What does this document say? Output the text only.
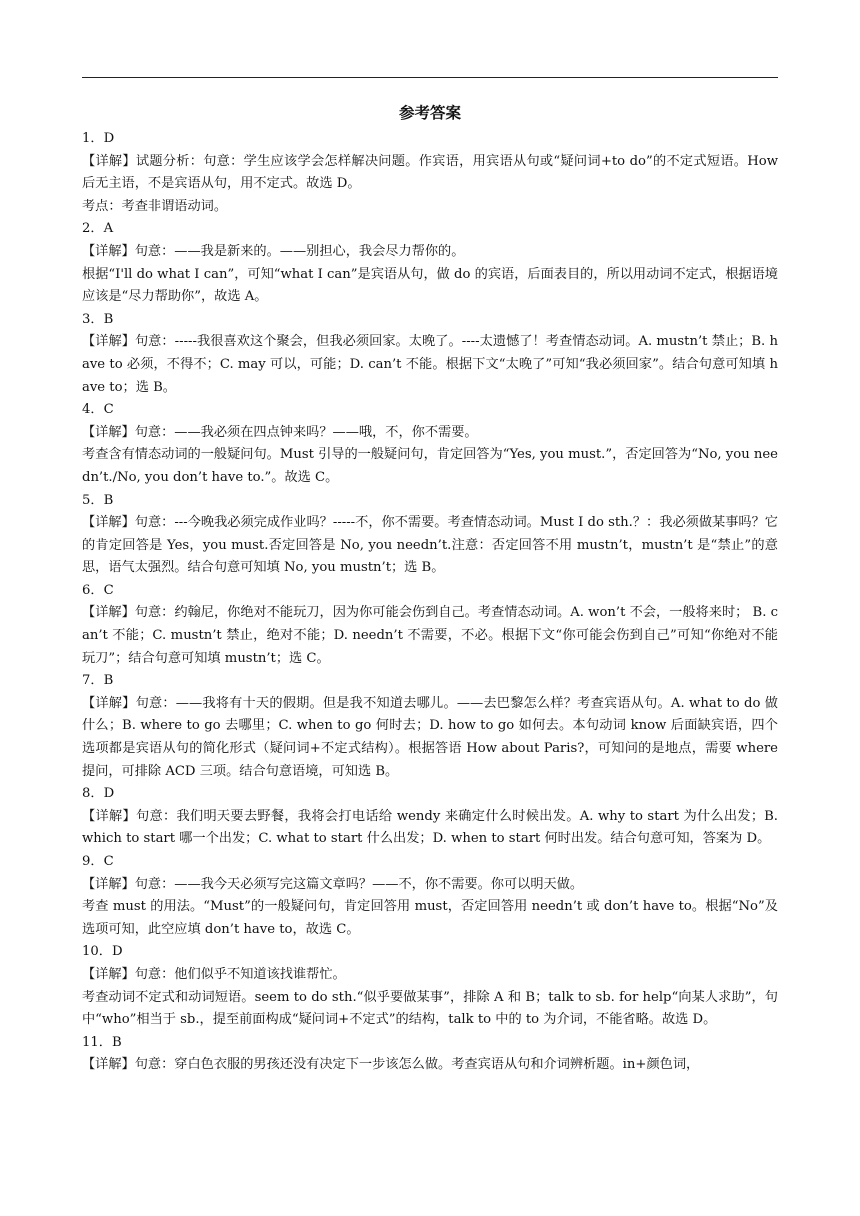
参考答案
1．D
【详解】试题分析：句意：学生应该学会怎样解决问题。作宾语，用宾语从句或“疑问词+to do”的不定式短语。How 后无主语，不是宾语从句，用不定式。故选 D。
考点：考查非谓语动词。
2．A
【详解】句意：——我是新来的。——别担心，我会尽力帮你的。
根据“I'll do what I can”，可知“what I can”是宾语从句，做 do 的宾语，后面表目的，所以用动词不定式，根据语境应该是“尽力帮助你”，故选 A。
3．B
【详解】句意：-----我很喜欢这个聚会，但我必须回家。太晚了。----太遗憾了！考查情态动词。A. mustn’t 禁止；B. have to 必须，不得不；C. may 可以，可能；D. can’t 不能。根据下文“太晚了”可知“我必须回家”。结合句意可知填 have to；选 B。
4．C
【详解】句意：——我必须在四点钟来吗？——哦，不，你不需要。
考查含有情态动词的一般疑问句。Must 引导的一般疑问句，肯定回答为“Yes, you must.”，否定回答为“No, you needn’t./No, you don’t have to.”。故选 C。
5．B
【详解】句意：---今晚我必须完成作业吗？-----不，你不需要。考查情态动词。Must I do sth.？：我必须做某事吗？它的肯定回答是 Yes，you must.否定回答是 No, you needn’t.注意：否定回答不用 mustn’t，mustn’t 是“禁止”的意思，语气太强烈。结合句意可知填 No, you mustn’t；选 B。
6．C
【详解】句意：约翰尼，你绝对不能玩刀，因为你可能会伤到自己。考查情态动词。A. won’t 不会，一般将来时； B. can’t 不能；C. mustn’t 禁止，绝对不能；D. needn’t 不需要，不必。根据下文“你可能会伤到自己”可知“你绝对不能玩刀”；结合句意可知填 mustn’t；选 C。
7．B
【详解】句意：——我将有十天的假期。但是我不知道去哪儿。——去巴黎怎么样？考查宾语从句。A. what to do 做什么；B. where to go 去哪里；C. when to go 何时去；D. how to go 如何去。本句动词 know 后面缺宾语，四个选项都是宾语从句的简化形式（疑问词+不定式结构）。根据答语 How about Paris?，可知问的是地点，需要 where 提问，可排除 ACD 三项。结合句意语境，可知选 B。
8．D
【详解】句意：我们明天要去野餐，我将会打电话给 wendy 来确定什么时候出发。A. why to start 为什么出发；B. which to start 哪一个出发；C. what to start 什么出发；D. when to start 何时出发。结合句意可知，答案为 D。
9．C
【详解】句意：——我今天必须写完这篇文章吗？——不，你不需要。你可以明天做。
考查 must 的用法。“Must”的一般疑问句，肯定回答用 must，否定回答用 needn’t 或 don’t have to。根据“No”及选项可知，此空应填 don’t have to，故选 C。
10．D
【详解】句意：他们似乎不知道该找谁帮忙。
考查动词不定式和动词短语。seem to do sth.“似乎要做某事”，排除 A 和 B；talk to sb. for help“向某人求助”，句中“who”相当于 sb.，提至前面构成“疑问词+不定式”的结构，talk to 中的 to 为介词，不能省略。故选 D。
11．B
【详解】句意：穿白色衣服的男孩还没有决定下一步该怎么做。考查宾语从句和介词辨析题。in+颜色词，
